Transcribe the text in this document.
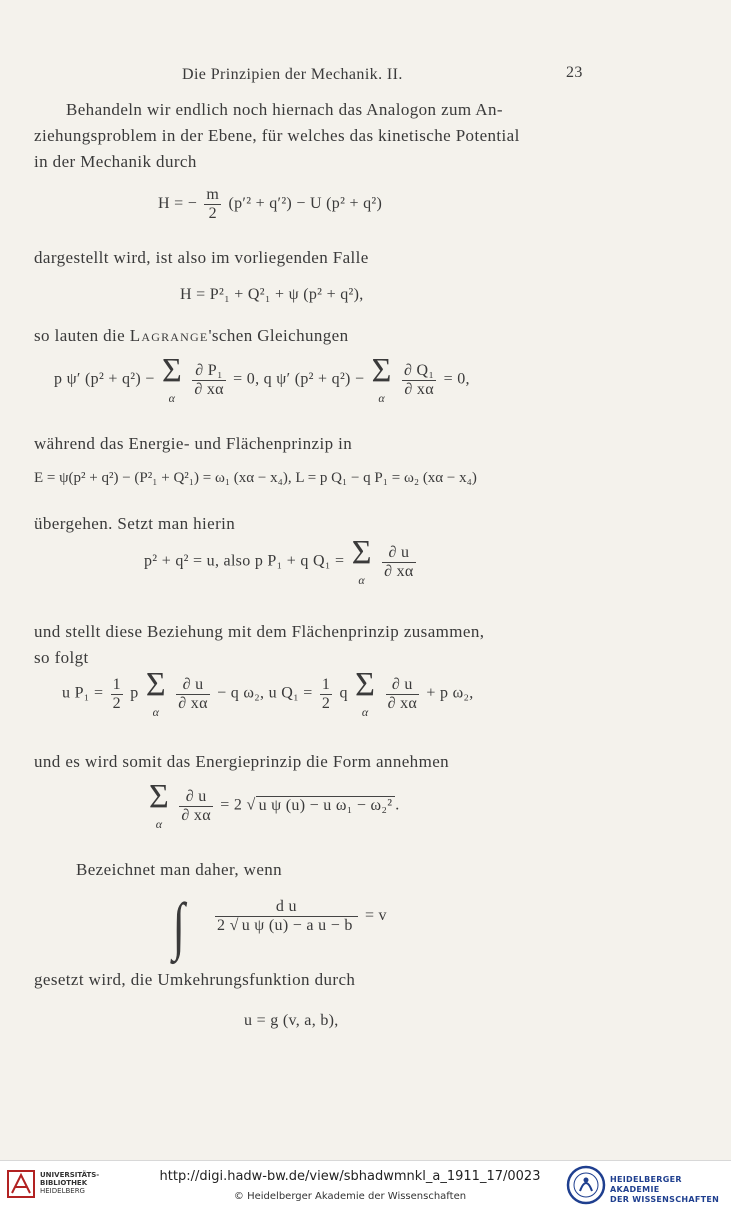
Die Prinzipien der Mechanik. II.	23
Behandeln wir endlich noch hiernach das Analogon zum An-
ziehungsproblem in der Ebene, für welches das kinetische Potential
in der Mechanik durch
H = − $\frac{m}{2} (p'^2 + q'^2) - U$ (p² + q²)
dargestellt wird, ist also im vorliegenden Falle
H = P²₁ + Q²₁ + ψ (p² + q²),
so lauten die Lagrange'schen Gleichungen
p ψ′ (p² + q²) − Σ
α
	$\frac{\text{∂ P₁}}{\partial x\alpha} = 0$, q ψ′ (p² + q²) − Σ
α
	$\frac{\text{∂ Q₁}}{\partial x\alpha} = 0$,
während das Energie- und Flächenprinzip in
E = ψ(p² + q²) − (P²₁ + Q²₁) = ω₁ (xα − x₄), L = p Q₁ − q P₁ = ω₂ (xα − x₄)
übergehen. Setzt man hierin
p² + q² = u, also p P₁ + q Q₁ = Σ
α
	$\frac{\partial u}{\partial x\alpha}$
und stellt diese Beziehung mit dem Flächenprinzip zusammen,
so folgt
u $P_1 = \frac{1}{2}$ p Σ
α
	$\frac{\partial u}{\partial x\alpha} - q$ ω₂, u $Q_1 = \frac{1}{2}$ q Σ
α
	$\frac{\partial u}{\partial x\alpha} + p$ ω₂,
und es wird somit das Energieprinzip die Form annehmen
Σ
α
	$\frac{\partial u}{\partial x\alpha} = 2$ √ u ψ (u) − u ω₁ − ω₂² .
Bezeichnet man daher, wenn
∫ $\frac{\text{d u}}{\text{2 √ u ψ (u) − a u − b}} = v$
gesetzt wird, die Umkehrungsfunktion durch
u = g (v, a, b),
UNIVERSITÄTS-
BIBLIOTHEK
HEIDELBERG
http://digi.hadw-bw.de/view/sbhadwmnkl_a_1911_17/0023
© Heidelberger Akademie der Wissenschaften
HEIDELBERGER AKADEMIE
DER WISSENSCHAFTEN
